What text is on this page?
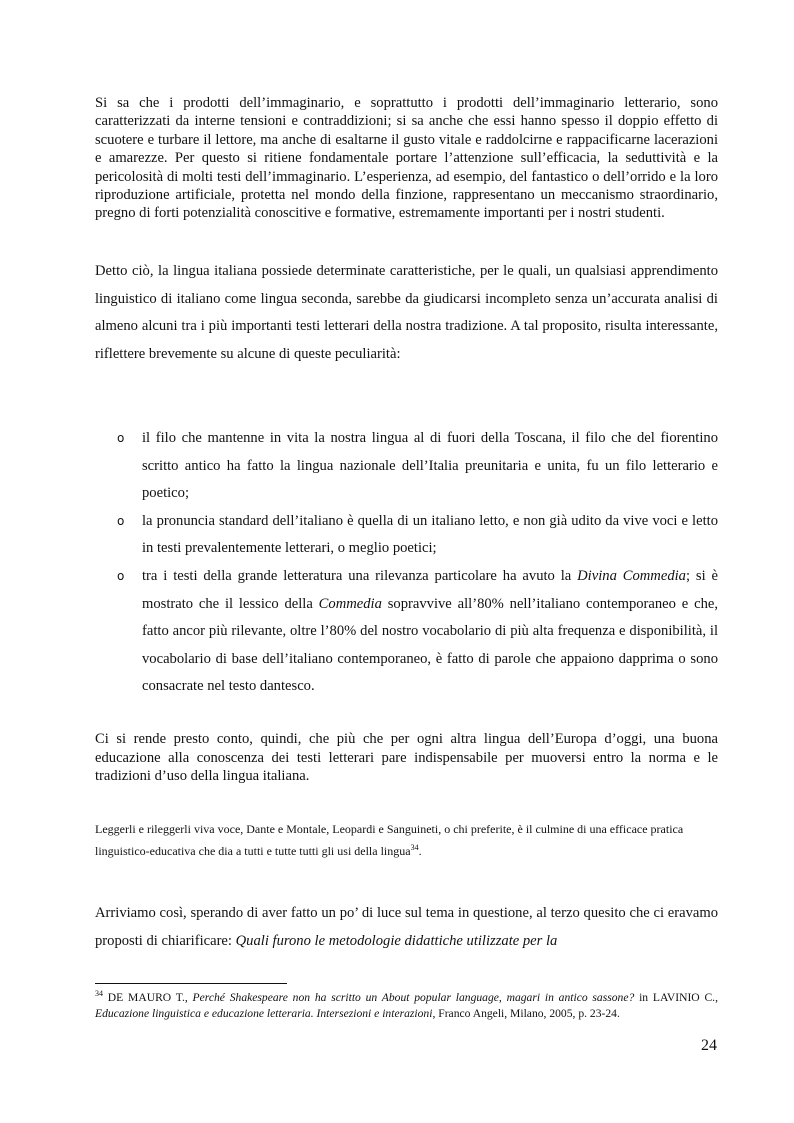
Si sa che i prodotti dell’immaginario, e soprattutto i prodotti dell’immaginario letterario, sono caratterizzati da interne tensioni e contraddizioni; si sa anche che essi hanno spesso il doppio effetto di scuotere e turbare il lettore, ma anche di esaltarne il gusto vitale e raddolcirne e rappacificarne lacerazioni e amarezze. Per questo si ritiene fondamentale portare l’attenzione sull’efficacia, la seduttività e la pericolosità di molti testi dell’immaginario. L’esperienza, ad esempio, del fantastico o dell’orrido e la loro riproduzione artificiale, protetta nel mondo della finzione, rappresentano un meccanismo straordinario, pregno di forti potenzialità conoscitive e formative, estremamente importanti per i nostri studenti.

Detto ciò, la lingua italiana possiede determinate caratteristiche, per le quali, un qualsiasi apprendimento linguistico di italiano come lingua seconda, sarebbe da giudicarsi incompleto senza un’accurata analisi di almeno alcuni tra i più importanti testi letterari della nostra tradizione. A tal proposito, risulta interessante, riflettere brevemente su alcune di queste peculiarità:

o il filo che mantenne in vita la nostra lingua al di fuori della Toscana, il filo che del fiorentino scritto antico ha fatto la lingua nazionale dell’Italia preunitaria e unita, fu un filo letterario e poetico;
o la pronuncia standard dell’italiano è quella di un italiano letto, e non già udito da vive voci e letto in testi prevalentemente letterari, o meglio poetici;
o tra i testi della grande letteratura una rilevanza particolare ha avuto la Divina Commedia; si è mostrato che il lessico della Commedia sopravvive all’80% nell’italiano contemporaneo e che, fatto ancor più rilevante, oltre l’80% del nostro vocabolario di più alta frequenza e disponibilità, il vocabolario di base dell’italiano contemporaneo, è fatto di parole che appaiono dapprima o sono consacrate nel testo dantesco.

Ci si rende presto conto, quindi, che più che per ogni altra lingua dell’Europa d’oggi, una buona educazione alla conoscenza dei testi letterari pare indispensabile per muoversi entro la norma e le tradizioni d’uso della lingua italiana.

Leggerli e rileggerli viva voce, Dante e Montale, Leopardi e Sanguineti, o chi preferite, è il culmine di una efficace pratica linguistico-educativa che dia a tutti e tutte tutti gli usi della lingua$^{34}$.

Arriviamo così, sperando di aver fatto un po’ di luce sul tema in questione, al terzo quesito che ci eravamo proposti di chiarificare: Quali furono le metodologie didattiche utilizzate per la

$^{34}$ DE MAURO T., Perché Shakespeare non ha scritto un About popular language, magari in antico sassone? in LAVINIO C., Educazione linguistica e educazione letteraria. Intersezioni e interazioni, Franco Angeli, Milano, 2005, p. 23-24.

24
